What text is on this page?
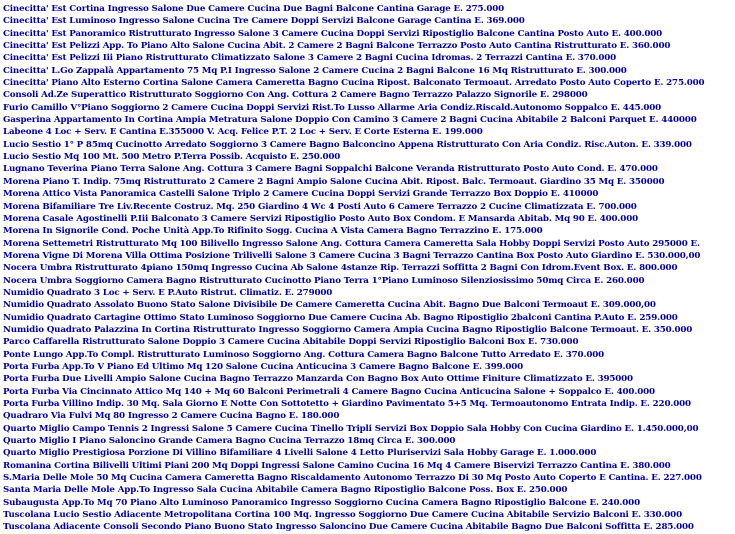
Cinecitta' Est Cortina Ingresso Salone Due Camere Cucina Due Bagni Balcone Cantina Garage E. 275.000
Cinecitta' Est Luminoso Ingresso Salone Cucina Tre Camere Doppi Servizi Balcone Garage Cantina E. 369.000
Cinecitta' Est Panoramico Ristrutturato Ingresso Salone 3 Camere Cucina Doppi Servizi Ripostiglio Balcone Cantina Posto Auto E. 400.000
Cinecitta' Est Pelizzi App. To Piano Alto Salone Cucina Abit. 2 Camere 2 Bagni Balcone Terrazzo Posto Auto Cantina Ristrutturato E. 360.000
Cinecitta' Est Pelizzi Iii Piano Ristrutturato Climatizzato Salone 3 Camere 2 Bagni Cucina Idromas. 2 Terrazzi Cantina E. 370.000
Cinecitta' L.Go Zappalà Appartamento 75 Mq P.I Ingresso Salone 2 Camere Cucina 2 Bagni Balcone 16 Mq Ristrutturato E. 300.000
Cinecitta' Piano Alto Esterno Cortina Salone Camera Cameretta Bagno Cucina Ripost. Balconato Termoaut. Arredato Posto Auto Coperto E. 275.000
Consoli Ad.Ze Superattico Ristrutturato Soggiorno Con Ang. Cottura 2 Camere Bagno Terrazzo Palazzo Signorile E. 298000
Furio Camillo V°Piano Soggiorno 2 Camere Cucina Doppi Servizi Rist.To Lusso Allarme Aria Condiz.Riscald.Autonomo Soppalco E. 445.000
Gasperina Appartamento In Cortina Ampia Metratura Salone Doppio Con Camino 3 Camere 2 Bagni Cucina Abitabile 2 Balconi Parquet E. 440000
Labeone 4 Loc + Serv. E Cantina E.355000 V. Acq. Felice P.T. 2 Loc + Serv. E Corte Esterna E. 199.000
Lucio Sestio 1° P 85mq Cucinotto Arredato Soggiorno 3 Camere Bagno Balconcino Appena Ristrutturato Con Aria Condiz. Risc.Auton. E. 339.000
Lucio Sestio Mq 100 Mt. 500 Metro P.Terra Possib. Acquisto E. 250.000
Lugnano Teverina Piano Terra Salone Ang. Cottura 3 Camere Bagni Soppalchi Balcone Veranda Ristrutturato Posto Auto Cond. E. 470.000
Morena Piano T. Indip. 75mq Ristrutturato 2 Camere 2 Bagni Ampio Salone Cucina Abit. Ripost. Balc. Termoaut. Giardino 35 Mq E. 350000
Morena Attico Vista Panoramica Castelli Salone Triplo 2 Camere Cucina Doppi Servizi Grande Terrazzo Box Doppio E. 410000
Morena Bifamiliare Tre Liv.Recente Costruz. Mq. 250 Giardino 4 Wc 4 Posti Auto 6 Camere Terrazzo 2 Cucine Climatizzata E. 700.000
Morena Casale Agostinelli P.Iii Balconato 3 Camere Servizi Ripostiglio Posto Auto Box Condom. E Mansarda Abitab. Mq 90 E. 400.000
Morena In Signorile Cond. Poche Unità App.To Rifinito Sogg. Cucina A Vista Camera Bagno Terrazzino E. 175.000
Morena Settemetri Ristrutturato Mq 100 Bilivello Ingresso Salone Ang. Cottura Camera Cameretta Sala Hobby Doppi Servizi Posto Auto 295000 E.
Morena Vigne Di Morena Villa Ottima Posizione Trilivelli Salone 3 Camere Cucina 3 Bagni Terrazzo Cantina Box Posto Auto Giardino E. 530.000,00
Nocera Umbra Ristrutturato 4piano 150mq Ingresso Cucina Ab Salone 4stanze Rip. Terrazzi Soffitta 2 Bagni Con Idrom.Event Box. E. 800.000
Nocera Umbra Soggiorno Camera Bagno Ristrutturato Cucinotto Piano Terra 1°Piano Luminoso Silenziosissimo 50mq Circa E. 260.000
Numidio Quadrato 3 Loc + Serv. E P.Auto Ristrut. Climatiz. E. 279000
Numidio Quadrato Assolato Buono Stato Salone Divisibile De Camere Cameretta Cucina Abit. Bagno Due Balconi Termoaut E. 309.000,00
Numidio Quadrato Cartagine Ottimo Stato Luminoso Soggiorno Due Camere Cucina Ab. Bagno Ripostiglio 2balconi Cantina P.Auto E. 259.000
Numidio Quadrato Palazzina In Cortina Ristrutturato Ingresso Soggiorno Camera Ampia Cucina Bagno Ripostiglio Balcone Termoaut. E. 350.000
Parco Caffarella Ristrutturato Salone Doppio 3 Camere Cucina Abitabile Doppi Servizi Ripostiglio Balconi Box E. 730.000
Ponte Lungo App.To Compl. Ristrutturato Luminoso Soggiorno Ang. Cottura Camera Bagno Balcone Tutto Arredato E. 370.000
Porta Furba App.To V Piano Ed Ultimo Mq 120 Salone Cucina Anticucina 3 Camere Bagno Balcone E. 399.000
Porta Furba Due Livelli Ampio Salone Cucina Bagno Terrazzo Manzarda Con Bagno Box Auto Ottime Finiture Climatizzato E. 395000
Porta Furba Via Cincinnato Attico Mq 140 + Mq 60 Balconi Perimetrali 4 Camere Bagno Cucina Anticucina Salone + Soppalco E. 400.000
Porta Furba Villino Indip. 30 Mq. Sala Giorno E Notte Con Sottotetto + Giardino Pavimentato 5+5 Mq. Termoautonomo Entrata Indip. E. 220.000
Quadraro Via Fulvi Mq 80 Ingresso 2 Camere Cucina Bagno E. 180.000
Quarto Miglio Campo Tennis 2 Ingressi Salone 5 Camere Cucina Tinello Tripli Servizi Box Doppio Sala Hobby Con Cucina Giardino E. 1.450.000,00
Quarto Miglio I Piano Saloncino Grande Camera Bagno Cucina Terrazzo 18mq Circa E. 300.000
Quarto Miglio Prestigiosa Porzione Di Villino Bifamiliare 4 Livelli Salone 4 Letto Pluriservizi Sala Hobby Garage E. 1.000.000
Romanina Cortina Bilivelli Ultimi Piani 200 Mq Doppi Ingressi Salone Camino Cucina 16 Mq 4 Camere Biservizi Terrazzo Cantina E. 380.000
S.Maria Delle Mole 50 Mq Cucina Camera Cameretta Bagno Riscaldamento Autonomo Terrazzo Di 30 Mq Posto Auto Coperto E Cantina. E. 227.000
Santa Maria Delle Mole App.To Ingresso Sala Cucina Abitabile Camera Bagno Ripostiglio Balcone Poss. Box E. 250.000
Subaugusta App.To Mq 70 Piano Alto Luminoso Panoramico Ingresso Soggiorno Cucina Camera Bagno Ripostiglio Balcone E. 240.000
Tuscolana Lucio Sestio Adiacente Metropolitana Cortina 100 Mq. Ingresso Soggiorno Due Camere Cucina Abitabile Servizio Balconi E. 330.000
Tuscolana Adiacente Consoli Secondo Piano Buono Stato Ingresso Saloncino Due Camere Cucina Abitabile Bagno Due Balconi Soffitta E. 285.000
